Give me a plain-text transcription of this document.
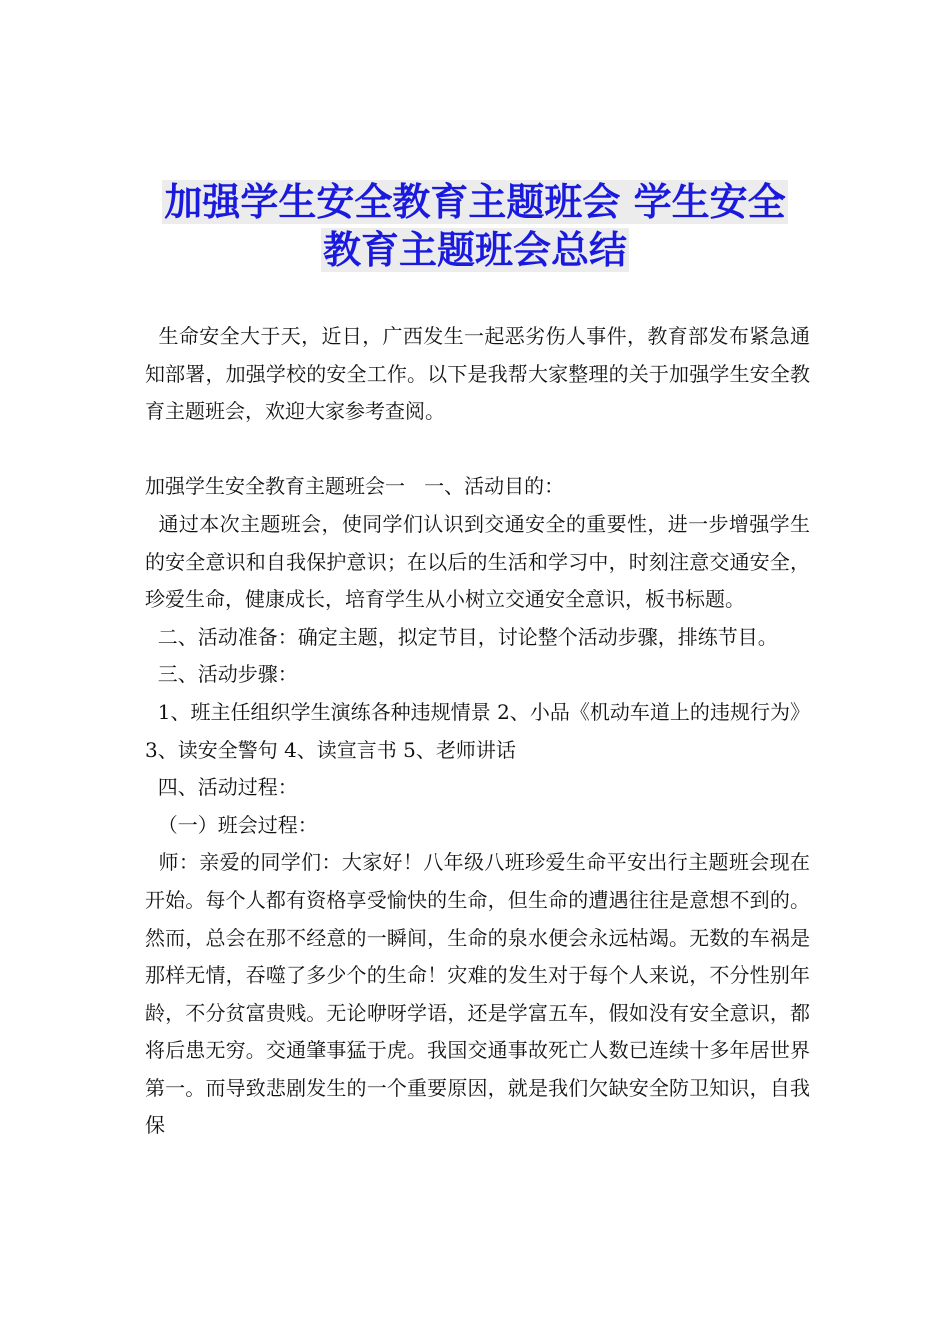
加强学生安全教育主题班会 学生安全
教育主题班会总结

生命安全大于天，近日，广西发生一起恶劣伤人事件，教育部发布紧急通知部署，加强学校的安全工作。以下是我帮大家整理的关于加强学生安全教育主题班会，欢迎大家参考查阅。

加强学生安全教育主题班会一   一、活动目的：

通过本次主题班会，使同学们认识到交通安全的重要性，进一步增强学生的安全意识和自我保护意识；在以后的生活和学习中，时刻注意交通安全，珍爱生命，健康成长，培育学生从小树立交通安全意识，板书标题。

二、活动准备：确定主题，拟定节目，讨论整个活动步骤，排练节目。

三、活动步骤：

1、班主任组织学生演练各种违规情景 2、小品《机动车道上的违规行为》3、读安全警句 4、读宣言书 5、老师讲话

四、活动过程：

（一）班会过程：

师：亲爱的同学们：大家好！八年级八班珍爱生命平安出行主题班会现在开始。每个人都有资格享受愉快的生命，但生命的遭遇往往是意想不到的。然而，总会在那不经意的一瞬间，生命的泉水便会永远枯竭。无数的车祸是那样无情，吞噬了多少个的生命！灾难的发生对于每个人来说，不分性别年龄，不分贫富贵贱。无论咿呀学语，还是学富五车，假如没有安全意识，都将后患无穷。交通肇事猛于虎。我国交通事故死亡人数已连续十多年居世界第一。而导致悲剧发生的一个重要原因，就是我们欠缺安全防卫知识，自我保
